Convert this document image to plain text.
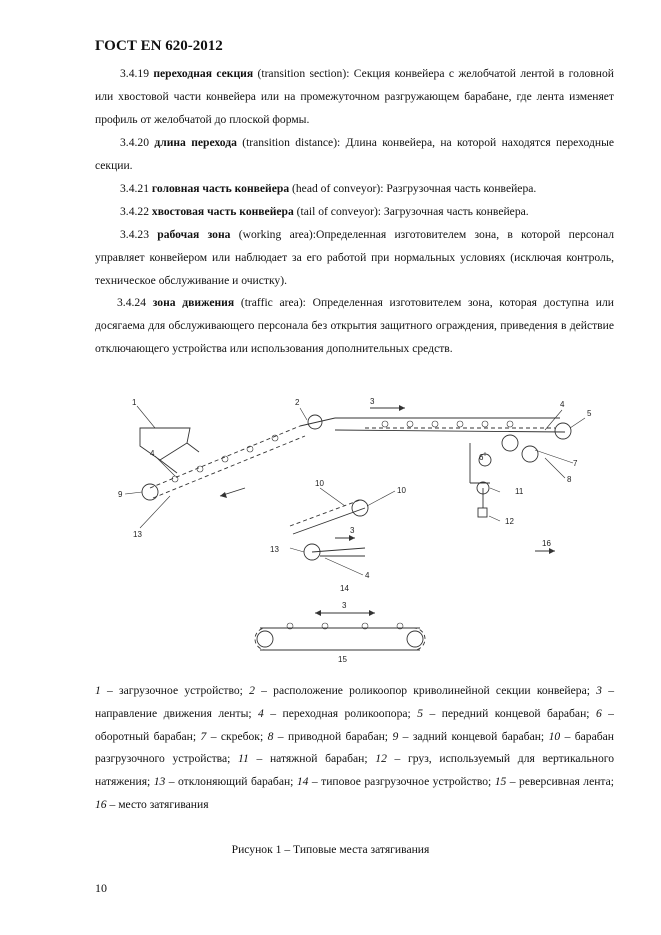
ГОСТ EN 620-2012

3.4.19 переходная секция (transition section): Секция конвейера с желобчатой лентой в головной или хвостовой части конвейера или на промежуточном разгружающем барабане, где лента изменяет профиль от желобчатой до плоской формы.

3.4.20 длина перехода (transition distance): Длина конвейера, на которой находятся переходные секции.

3.4.21 головная часть конвейера (head of conveyor): Разгрузочная часть конвейера.

3.4.22 хвостовая часть конвейера (tail of conveyor): Загрузочная часть конвейера.

3.4.23 рабочая зона (working area):Определенная изготовителем зона, в которой персонал управляет конвейером или наблюдает за его работой при нормальных условиях (исключая контроль, техническое обслуживание и очистку).

3.4.24 зона движения (traffic area): Определенная изготовителем зона, которая доступна или досягаема для обслуживающего персонала без открытия защитного ограждения, приведения в действие отключающего устройства или использования дополнительных средств.

1	2	3	4
5
6
7
8
9	10	11
12
13
16
4
10
13
3
4
14
3
15

1 – загрузочное устройство; 2 – расположение роликоопор криволинейной секции конвейера; 3 – направление движения ленты; 4 – переходная роликоопора; 5 – передний концевой барабан; 6 – оборотный барабан; 7 – скребок; 8 – приводной барабан; 9 – задний концевой барабан; 10 – барабан разгрузочного устройства; 11 – натяжной барабан; 12 – груз, используемый для вертикального натяжения; 13 – отклоняющий барабан; 14 – типовое разгрузочное устройство; 15 – реверсивная лента; 16 – место затягивания

Рисунок 1 – Типовые места затягивания
10
